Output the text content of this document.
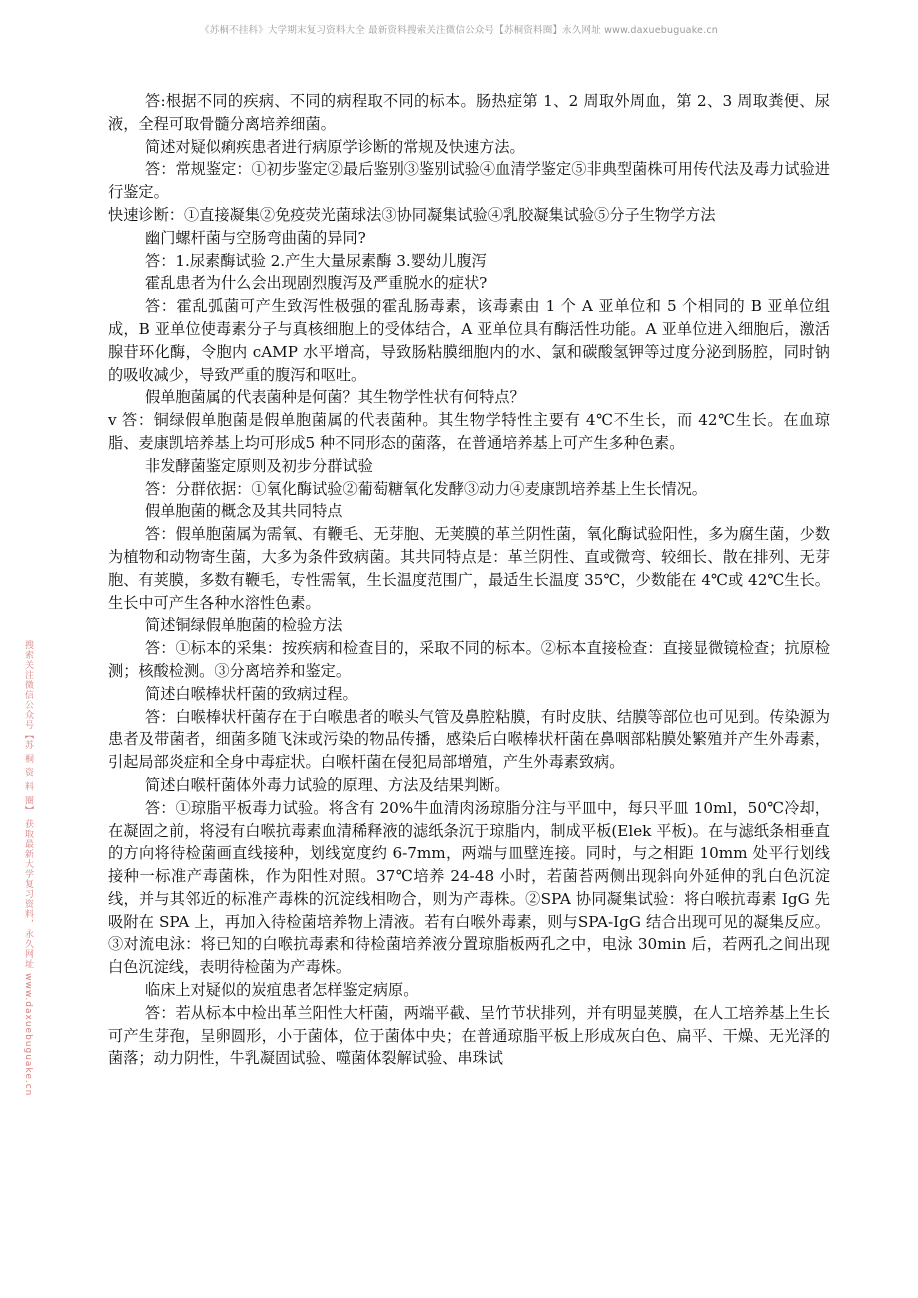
《苏桐不挂科》大学期末复习资料大全 最新资料搜索关注微信公众号【苏桐资料圈】永久网址 www.daxuebuguake.cn
搜索关注微信公众号【苏 桐 资 料 圈】 获取最新大学复习资料，永久网址 www.daxuebuguake.cn

答:根据不同的疾病、不同的病程取不同的标本。肠热症第 1、2 周取外周血，第 2、3 周取粪便、尿液，全程可取骨髓分离培养细菌。

简述对疑似痢疾患者进行病原学诊断的常规及快速方法。

答：常规鉴定：①初步鉴定②最后鉴别③鉴别试验④血清学鉴定⑤非典型菌株可用传代法及毒力试验进行鉴定。

快速诊断：①直接凝集②免疫荧光菌球法③协同凝集试验④乳胶凝集试验⑤分子生物学方法

幽门螺杆菌与空肠弯曲菌的异同?

答：1.尿素酶试验 2.产生大量尿素酶 3.婴幼儿腹泻

霍乱患者为什么会出现剧烈腹泻及严重脱水的症状?

答：霍乱弧菌可产生致泻性极强的霍乱肠毒素，该毒素由 1 个 A 亚单位和 5 个相同的 B 亚单位组成，B 亚单位使毒素分子与真核细胞上的受体结合，A 亚单位具有酶活性功能。A 亚单位进入细胞后，激活腺苷环化酶，令胞内 cAMP 水平增高，导致肠粘膜细胞内的水、氯和碳酸氢钾等过度分泌到肠腔，同时钠的吸收减少，导致严重的腹泻和呕吐。

假单胞菌属的代表菌种是何菌？其生物学性状有何特点？

v 答：铜绿假单胞菌是假单胞菌属的代表菌种。其生物学特性主要有 4℃不生长，而 42℃生长。在血琼脂、麦康凯培养基上均可形成5 种不同形态的菌落，在普通培养基上可产生多种色素。

非发酵菌鉴定原则及初步分群试验

答：分群依据：①氧化酶试验②葡萄糖氧化发酵③动力④麦康凯培养基上生长情况。

假单胞菌的概念及其共同特点

答：假单胞菌属为需氧、有鞭毛、无芽胞、无荚膜的革兰阴性菌，氧化酶试验阳性，多为腐生菌，少数为植物和动物寄生菌，大多为条件致病菌。其共同特点是：革兰阴性、直或微弯、较细长、散在排列、无芽胞、有荚膜，多数有鞭毛，专性需氧，生长温度范围广，最适生长温度 35℃，少数能在 4℃或 42℃生长。生长中可产生各种水溶性色素。

简述铜绿假单胞菌的检验方法

答：①标本的采集：按疾病和检查目的，采取不同的标本。②标本直接检查：直接显微镜检查；抗原检测；核酸检测。③分离培养和鉴定。

简述白喉棒状杆菌的致病过程。

答：白喉棒状杆菌存在于白喉患者的喉头气管及鼻腔粘膜，有时皮肤、结膜等部位也可见到。传染源为患者及带菌者，细菌多随飞沫或污染的物品传播，感染后白喉棒状杆菌在鼻咽部粘膜处繁殖并产生外毒素，引起局部炎症和全身中毒症状。白喉杆菌在侵犯局部增殖，产生外毒素致病。

简述白喉杆菌体外毒力试验的原理、方法及结果判断。

答：①琼脂平板毒力试验。将含有 20%牛血清肉汤琼脂分注与平皿中，每只平皿 10ml，50℃冷却，在凝固之前，将浸有白喉抗毒素血清稀释液的滤纸条沉于琼脂内，制成平板(Elek 平板)。在与滤纸条相垂直的方向将待检菌画直线接种，划线宽度约 6-7mm，两端与皿壁连接。同时，与之相距 10mm 处平行划线接种一标准产毒菌株，作为阳性对照。37℃培养 24-48 小时，若菌苔两侧出现斜向外延伸的乳白色沉淀线，并与其邻近的标准产毒株的沉淀线相吻合，则为产毒株。②SPA 协同凝集试验：将白喉抗毒素 IgG 先吸附在 SPA 上，再加入待检菌培养物上清液。若有白喉外毒素，则与SPA-IgG 结合出现可见的凝集反应。③对流电泳：将已知的白喉抗毒素和待检菌培养液分置琼脂板两孔之中，电泳 30min 后，若两孔之间出现白色沉淀线，表明待检菌为产毒株。

临床上对疑似的炭疽患者怎样鉴定病原。

答：若从标本中检出革兰阳性大杆菌，两端平截、呈竹节状排列，并有明显荚膜，在人工培养基上生长可产生芽孢，呈卵圆形，小于菌体，位于菌体中央；在普通琼脂平板上形成灰白色、扁平、干燥、无光泽的菌落；动力阴性，牛乳凝固试验、噬菌体裂解试验、串珠试
